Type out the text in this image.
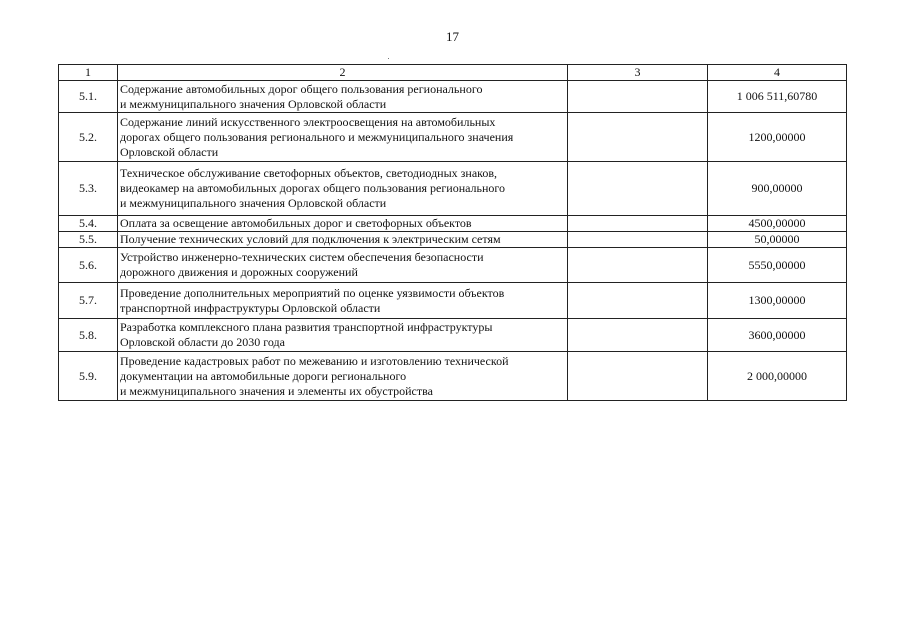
17
1	2	3	4
5.1.	Содержание автомобильных дорог общего пользования регионального
и межмуниципального значения Орловской области		1 006 511,60780
5.2.	Содержание линий искусственного электроосвещения на автомобильных
дорогах общего пользования регионального и межмуниципального значения
Орловской области		1200,00000
5.3.	Техническое обслуживание светофорных объектов, светодиодных знаков,
видеокамер на автомобильных дорогах общего пользования регионального
и межмуниципального значения Орловской области		900,00000
5.4.	Оплата за освещение автомобильных дорог и светофорных объектов		4500,00000
5.5.	Получение технических условий для подключения к электрическим сетям		50,00000
5.6.	Устройство инженерно-технических систем обеспечения безопасности
дорожного движения и дорожных сооружений		5550,00000
5.7.	Проведение дополнительных мероприятий по оценке уязвимости объектов
транспортной инфраструктуры Орловской области		1300,00000
5.8.	Разработка комплексного плана развития транспортной инфраструктуры
Орловской области до 2030 года		3600,00000
5.9.	Проведение кадастровых работ по межеванию и изготовлению технической
документации на автомобильные дороги регионального
и межмуниципального значения и элементы их обустройства		2 000,00000
